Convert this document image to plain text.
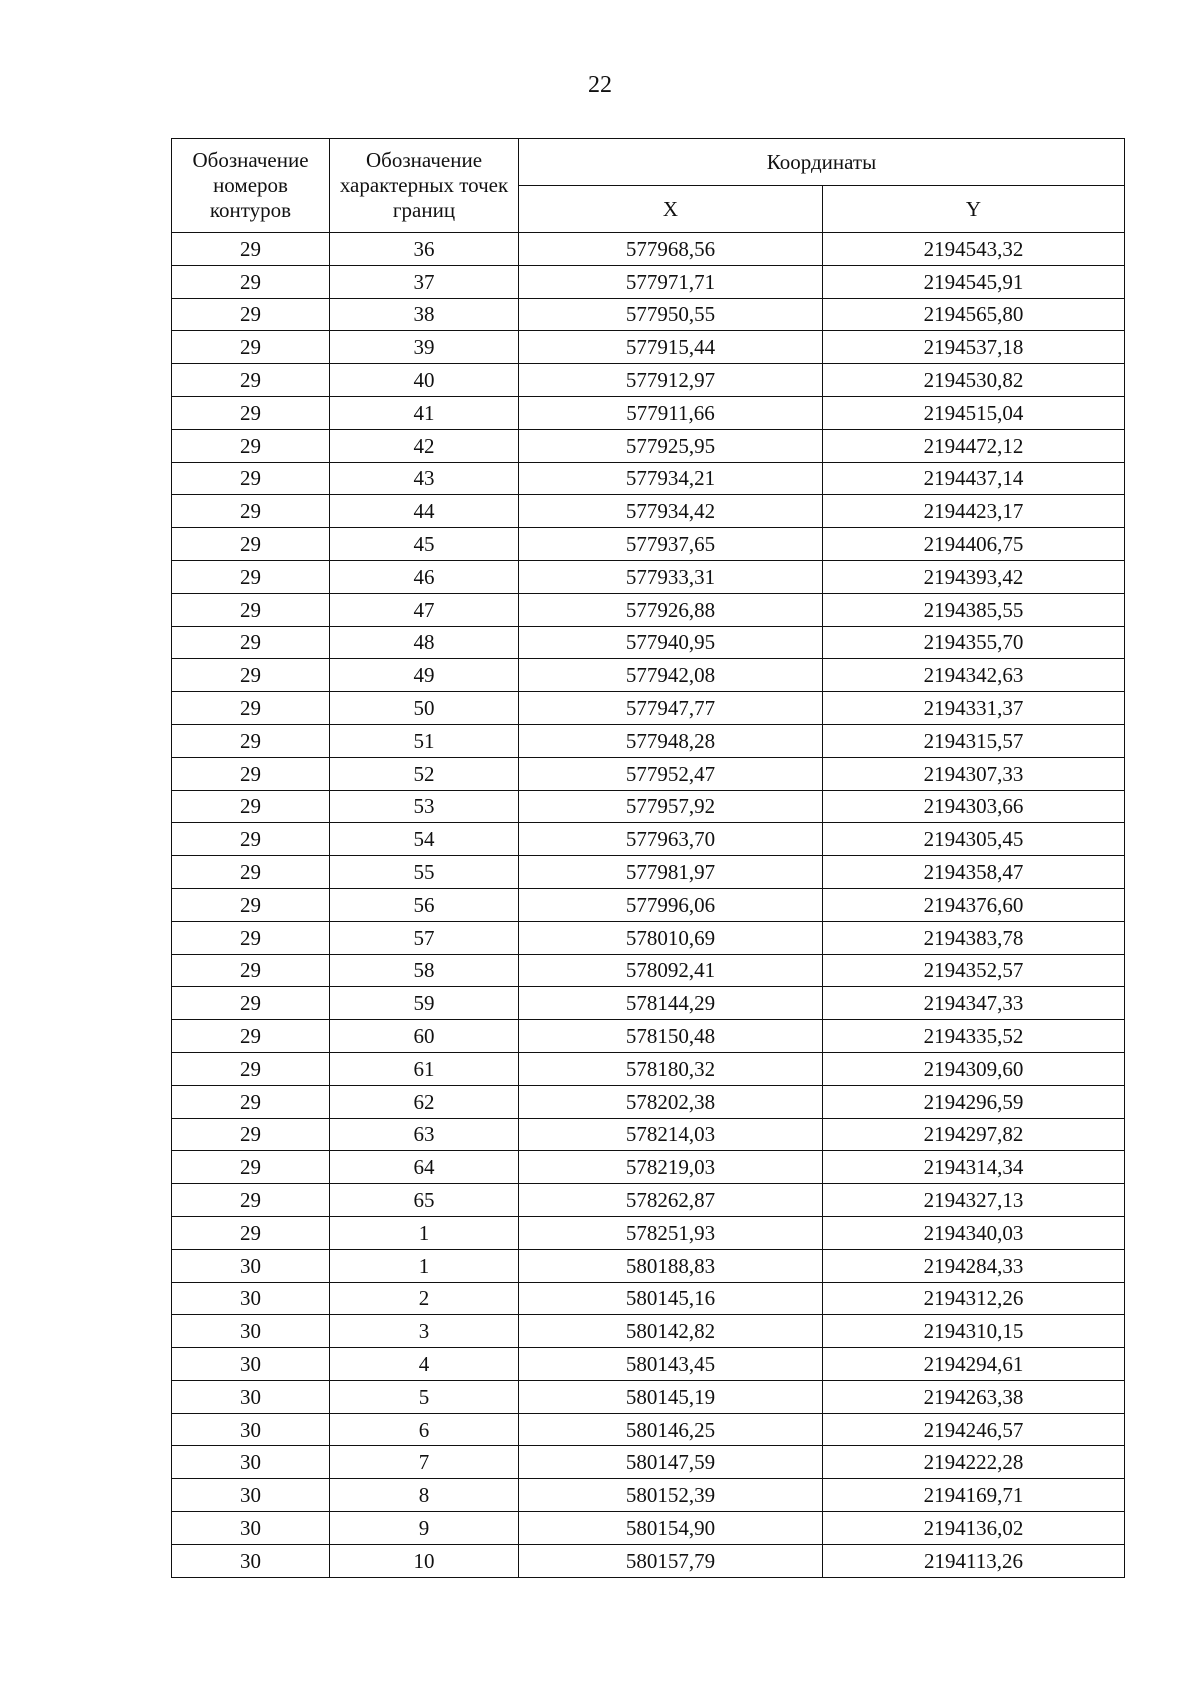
22
Обозначение номеров контуров	Обозначение характерных точек границ	Координаты	
		X	Y
29	36	577968,56	2194543,32
29	37	577971,71	2194545,91
29	38	577950,55	2194565,80
29	39	577915,44	2194537,18
29	40	577912,97	2194530,82
29	41	577911,66	2194515,04
29	42	577925,95	2194472,12
29	43	577934,21	2194437,14
29	44	577934,42	2194423,17
29	45	577937,65	2194406,75
29	46	577933,31	2194393,42
29	47	577926,88	2194385,55
29	48	577940,95	2194355,70
29	49	577942,08	2194342,63
29	50	577947,77	2194331,37
29	51	577948,28	2194315,57
29	52	577952,47	2194307,33
29	53	577957,92	2194303,66
29	54	577963,70	2194305,45
29	55	577981,97	2194358,47
29	56	577996,06	2194376,60
29	57	578010,69	2194383,78
29	58	578092,41	2194352,57
29	59	578144,29	2194347,33
29	60	578150,48	2194335,52
29	61	578180,32	2194309,60
29	62	578202,38	2194296,59
29	63	578214,03	2194297,82
29	64	578219,03	2194314,34
29	65	578262,87	2194327,13
29	1	578251,93	2194340,03
30	1	580188,83	2194284,33
30	2	580145,16	2194312,26
30	3	580142,82	2194310,15
30	4	580143,45	2194294,61
30	5	580145,19	2194263,38
30	6	580146,25	2194246,57
30	7	580147,59	2194222,28
30	8	580152,39	2194169,71
30	9	580154,90	2194136,02
30	10	580157,79	2194113,26
